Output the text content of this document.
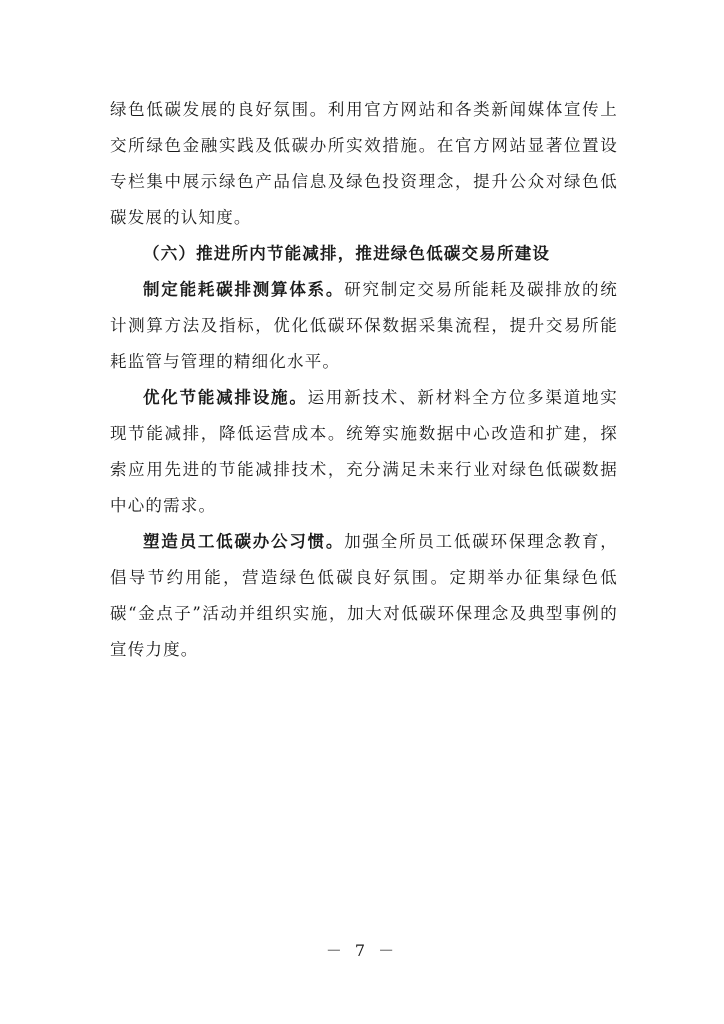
绿色低碳发展的良好氛围。利用官方网站和各类新闻媒体宣传上交所绿色金融实践及低碳办所实效措施。在官方网站显著位置设专栏集中展示绿色产品信息及绿色投资理念，提升公众对绿色低碳发展的认知度。

（六）推进所内节能减排，推进绿色低碳交易所建设

制定能耗碳排测算体系。研究制定交易所能耗及碳排放的统计测算方法及指标，优化低碳环保数据采集流程，提升交易所能耗监管与管理的精细化水平。

优化节能减排设施。运用新技术、新材料全方位多渠道地实现节能减排，降低运营成本。统筹实施数据中心改造和扩建，探索应用先进的节能减排技术，充分满足未来行业对绿色低碳数据中心的需求。

塑造员工低碳办公习惯。加强全所员工低碳环保理念教育，倡导节约用能，营造绿色低碳良好氛围。定期举办征集绿色低碳“金点子”活动并组织实施，加大对低碳环保理念及典型事例的宣传力度。

－ 7 －
